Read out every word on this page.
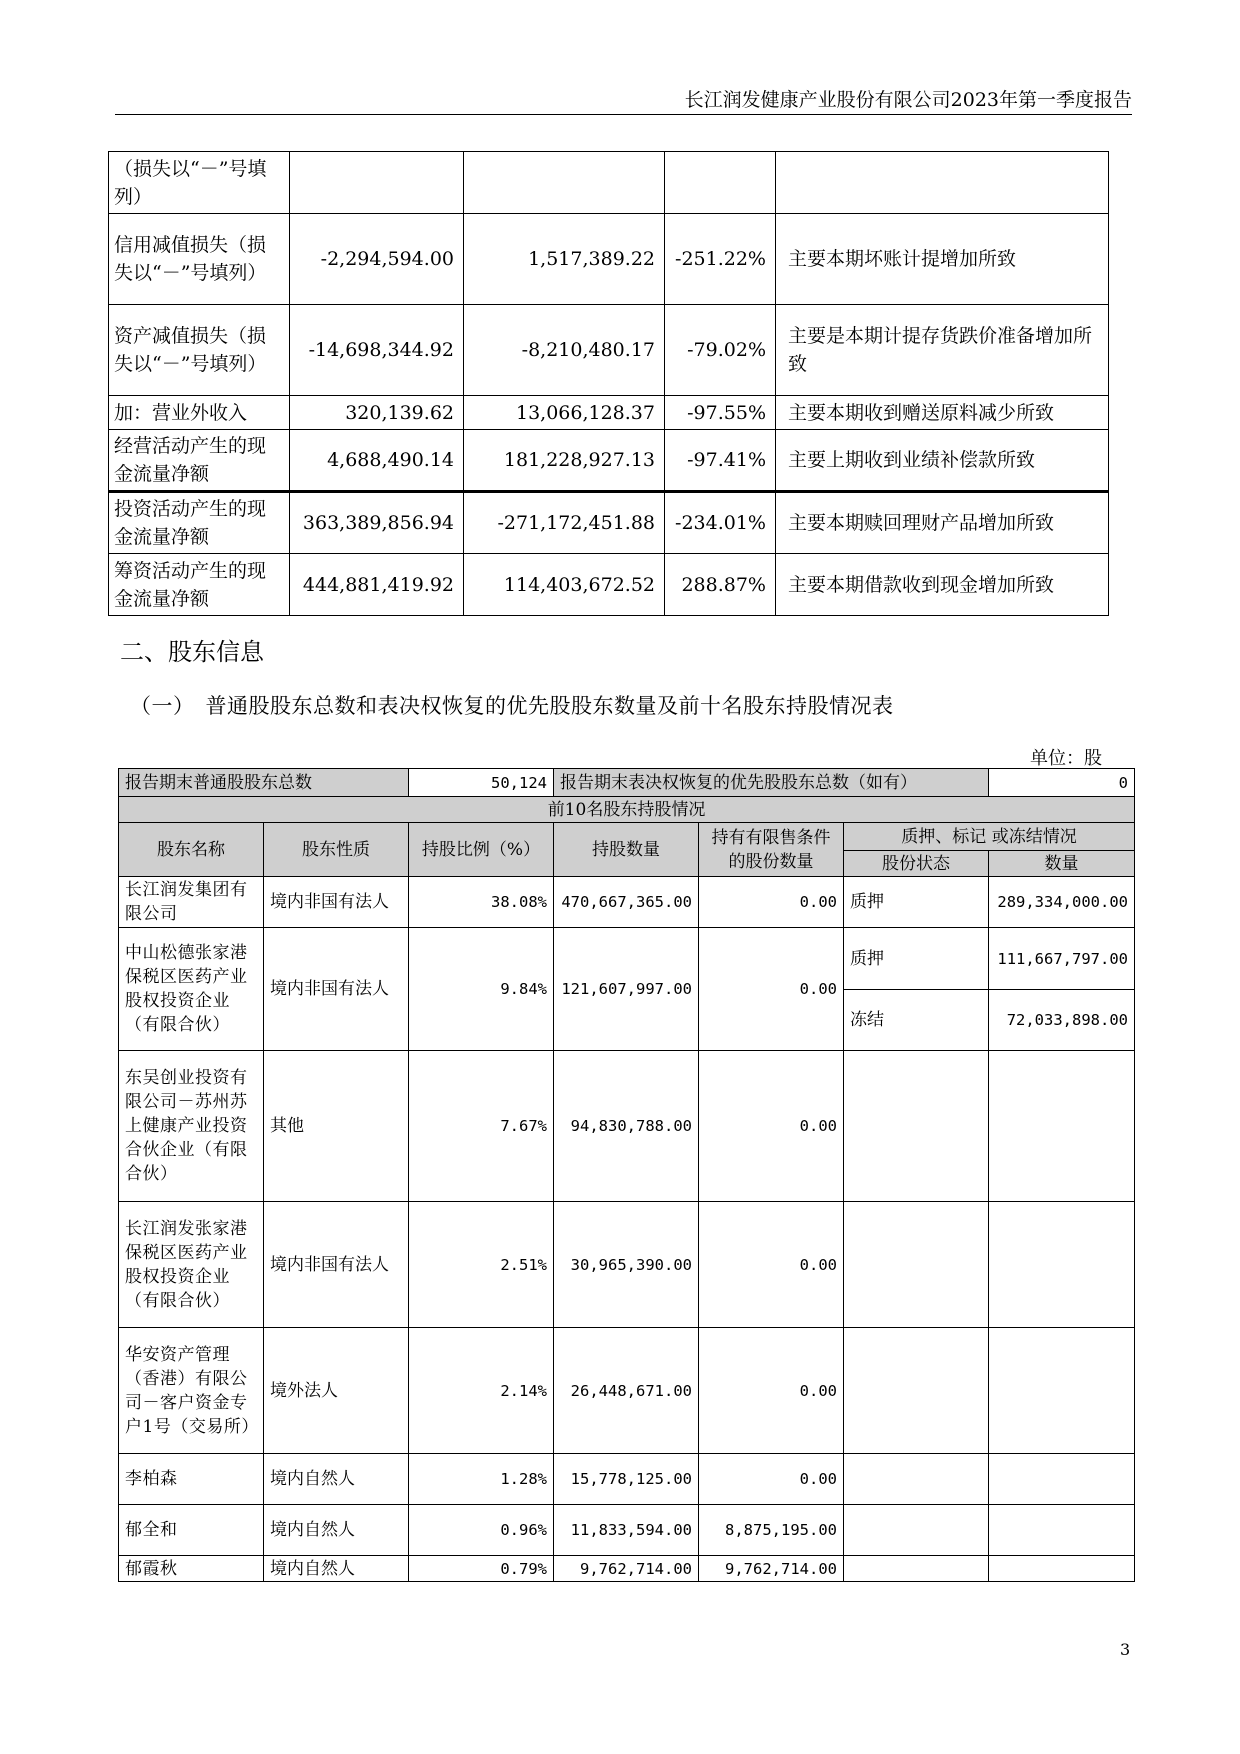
长江润发健康产业股份有限公司2023年第一季度报告
（损失以“－”号填列）				
信用减值损失（损失以“－”号填列）	-2,294,594.00	1,517,389.22	-251.22%	主要本期坏账计提增加所致
资产减值损失（损失以“－”号填列）	-14,698,344.92	-8,210,480.17	-79.02%	主要是本期计提存货跌价准备增加所致
加：营业外收入	320,139.62	13,066,128.37	-97.55%	主要本期收到赠送原料减少所致
经营活动产生的现金流量净额	4,688,490.14	181,228,927.13	-97.41%	主要上期收到业绩补偿款所致
投资活动产生的现金流量净额	363,389,856.94	-271,172,451.88	-234.01%	主要本期赎回理财产品增加所致
筹资活动产生的现金流量净额	444,881,419.92	114,403,672.52	288.87%	主要本期借款收到现金增加所致
二、股东信息
（一）　普通股股东总数和表决权恢复的优先股股东数量及前十名股东持股情况表
单位：股
报告期末普通股股东总数		50,124	报告期末表决权恢复的优先股股东总数（如有）			0
前10名股东持股情况						
股东名称	股东性质	持股比例（%）	持股数量	持有有限售条件的股份数量	质押、标记 或冻结情况	
					股份状态	数量
长江润发集团有限公司	境内非国有法人	38.08%	470,667,365.00	0.00	质押	289,334,000.00
中山松德张家港保税区医药产业股权投资企业（有限合伙）	境内非国有法人	9.84%	121,607,997.00	0.00	质押	111,667,797.00
					冻结	72,033,898.00
东吴创业投资有限公司－苏州苏上健康产业投资合伙企业（有限合伙）	其他	7.67%	94,830,788.00	0.00		
长江润发张家港保税区医药产业股权投资企业（有限合伙）	境内非国有法人	2.51%	30,965,390.00	0.00		
华安资产管理（香港）有限公司－客户资金专户1号（交易所）	境外法人	2.14%	26,448,671.00	0.00		
李柏森	境内自然人	1.28%	15,778,125.00	0.00		
郁全和	境内自然人	0.96%	11,833,594.00	8,875,195.00		
郁霞秋	境内自然人	0.79%	9,762,714.00	9,762,714.00		
3
